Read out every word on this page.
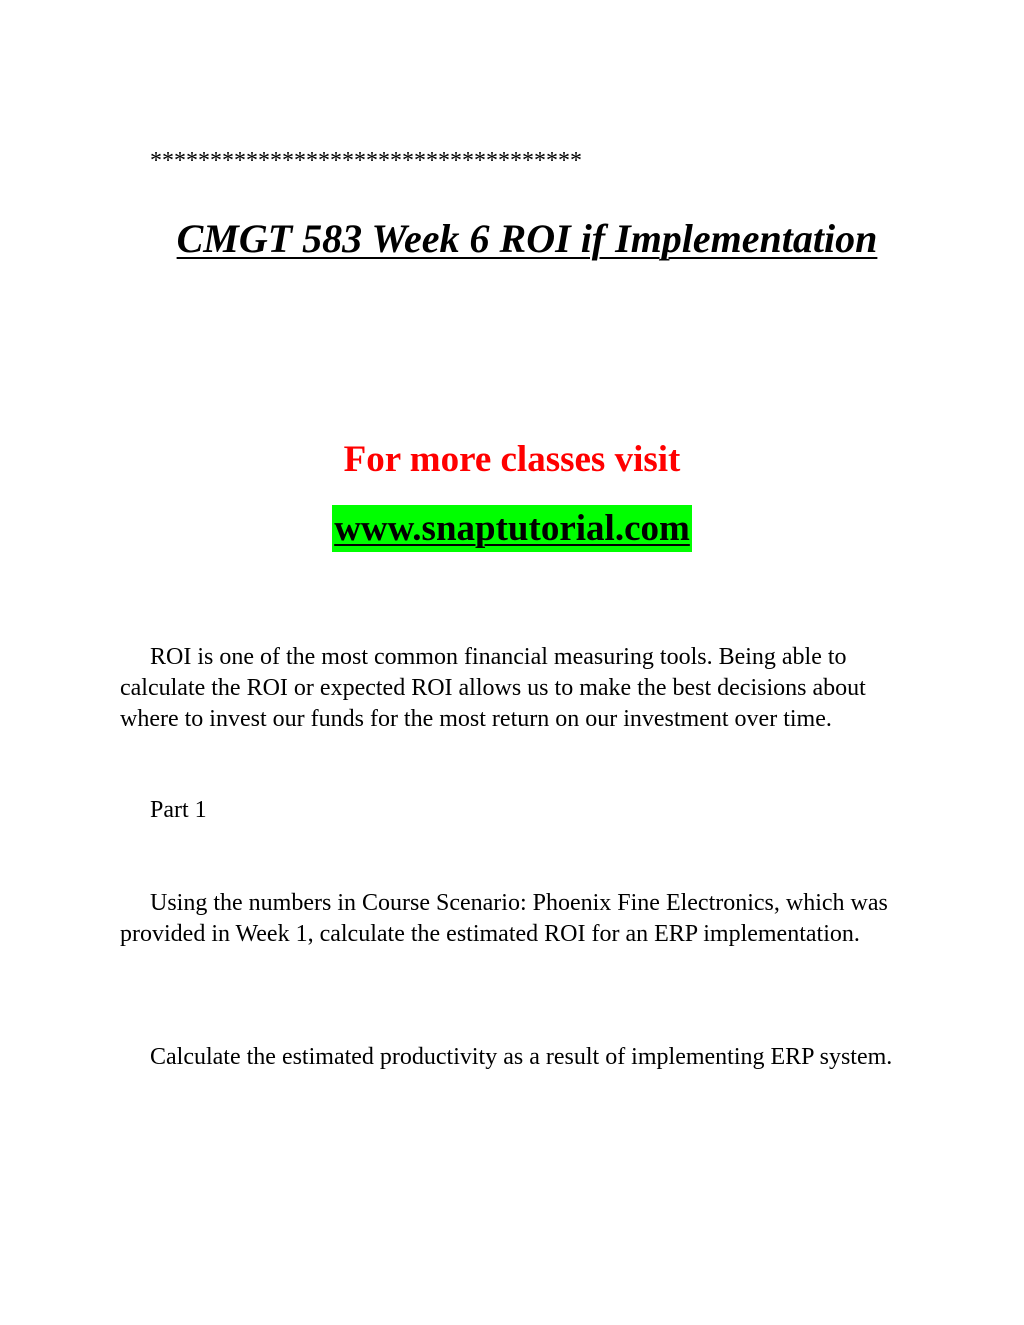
************************************
CMGT 583 Week 6 ROI if Implementation
For more classes visit
www.snaptutorial.com

ROI is one of the most common financial measuring tools. Being able to calculate the ROI or expected ROI allows us to make the best decisions about where to invest our funds for the most return on our investment over time.

Part 1

Using the numbers in Course Scenario: Phoenix Fine Electronics, which was provided in Week 1, calculate the estimated ROI for an ERP implementation.

Calculate the estimated productivity as a result of implementing ERP system.
